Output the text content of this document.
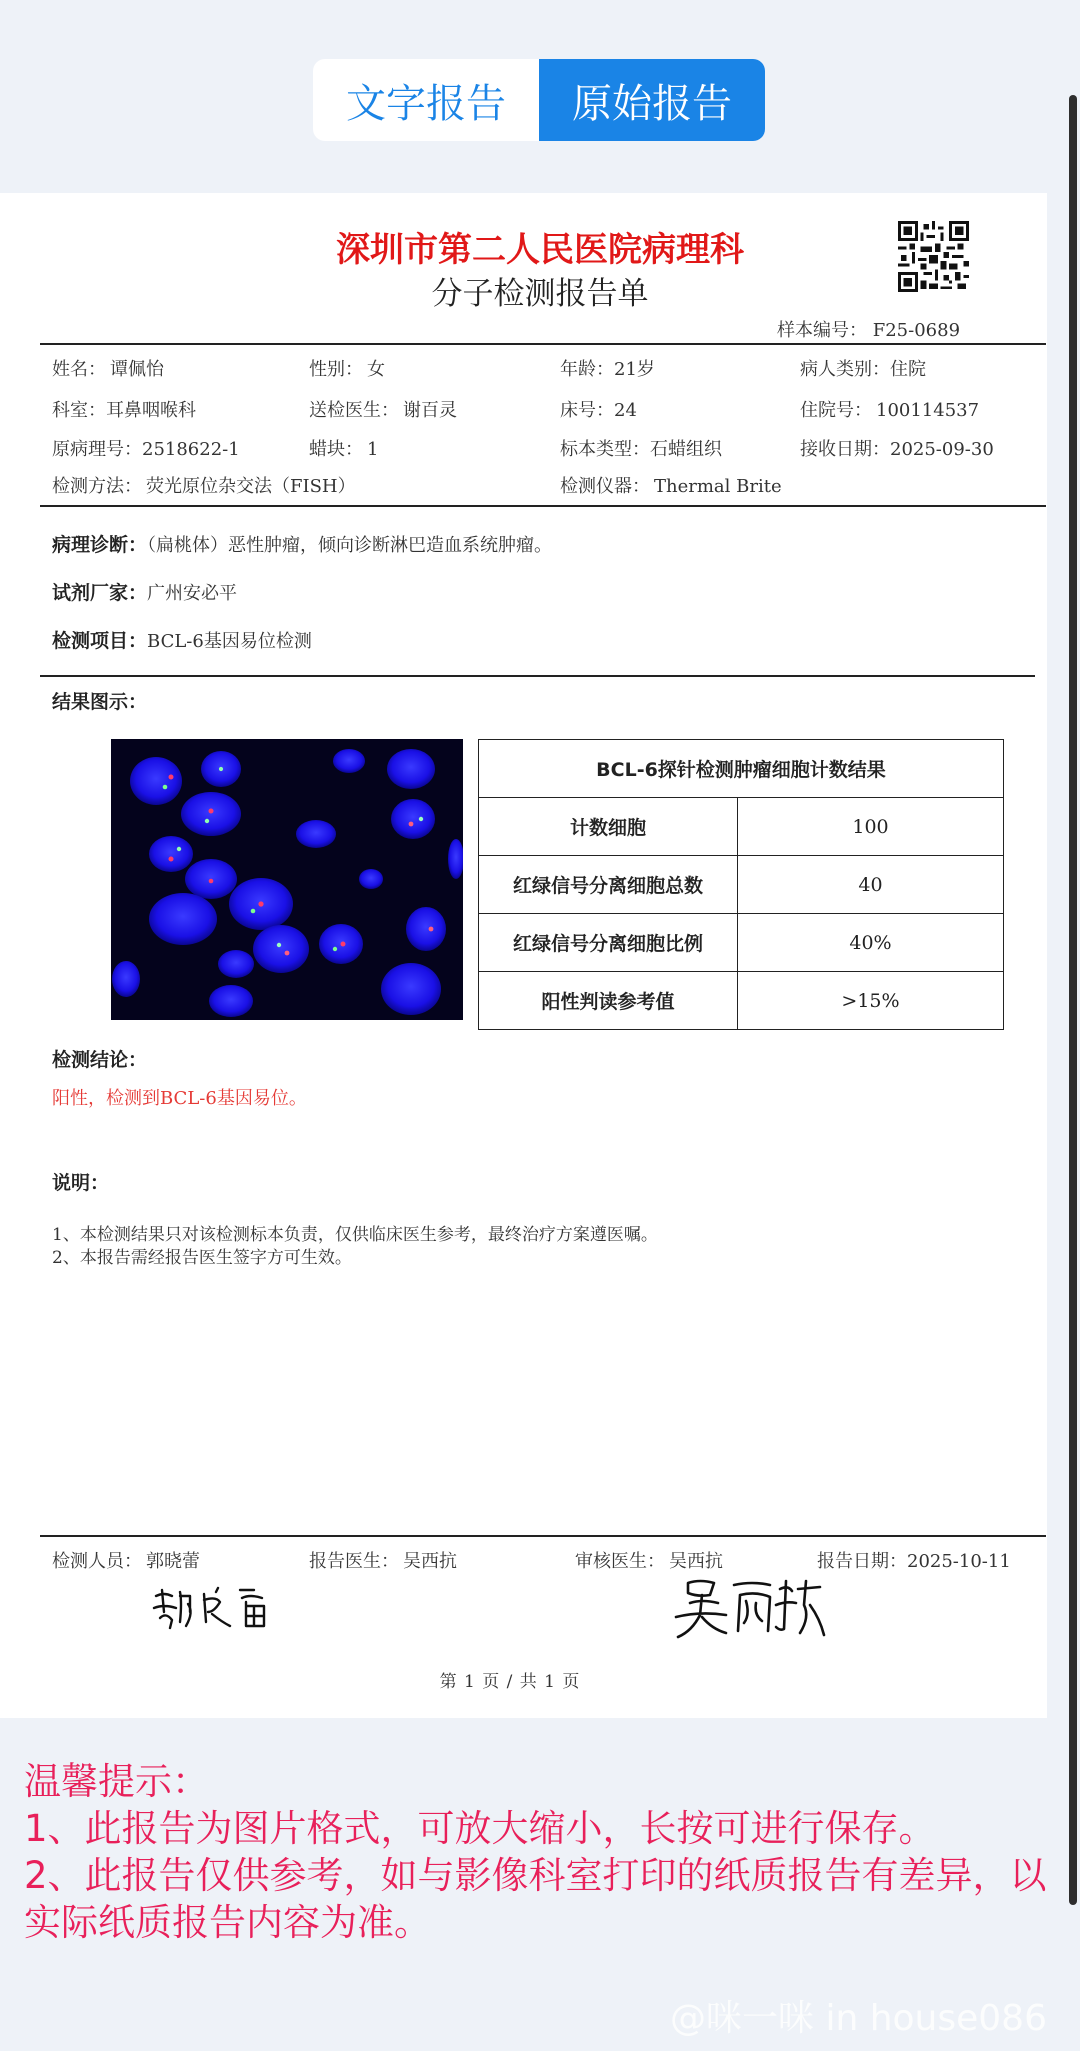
文字报告	原始报告
深圳市第二人民医院病理科
分子检测报告单
样本编号： F25-0689
姓名： 谭佩怡	性别： 女	年龄：21岁	病人类别：住院
科室：耳鼻咽喉科	送检医生： 谢百灵	床号：24	住院号： 100114537
原病理号：2518622-1	蜡块： 1	标本类型：石蜡组织	接收日期：2025-09-30
检测方法： 荧光原位杂交法（FISH）	检测仪器： Thermal Brite
病理诊断：（扁桃体）恶性肿瘤，倾向诊断淋巴造血系统肿瘤。
试剂厂家：广州安必平
检测项目：BCL-6基因易位检测
结果图示：
BCL-6探针检测肿瘤细胞计数结果	
计数细胞	100
红绿信号分离细胞总数	40
红绿信号分离细胞比例	40%
阳性判读参考值	>15%
检测结论：
阳性，检测到BCL-6基因易位。
说明：
1、本检测结果只对该检测标本负责，仅供临床医生参考，最终治疗方案遵医嘱。
2、本报告需经报告医生签字方可生效。
检测人员： 郭晓蕾	报告医生： 吴西抗	审核医生： 吴西抗	报告日期：2025-10-11
第 1 页 / 共 1 页
温馨提示：
1、此报告为图片格式，可放大缩小，长按可进行保存。
2、此报告仅供参考，如与影像科室打印的纸质报告有差异，以实际纸质报告内容为准。
@咪一咪 in house086
